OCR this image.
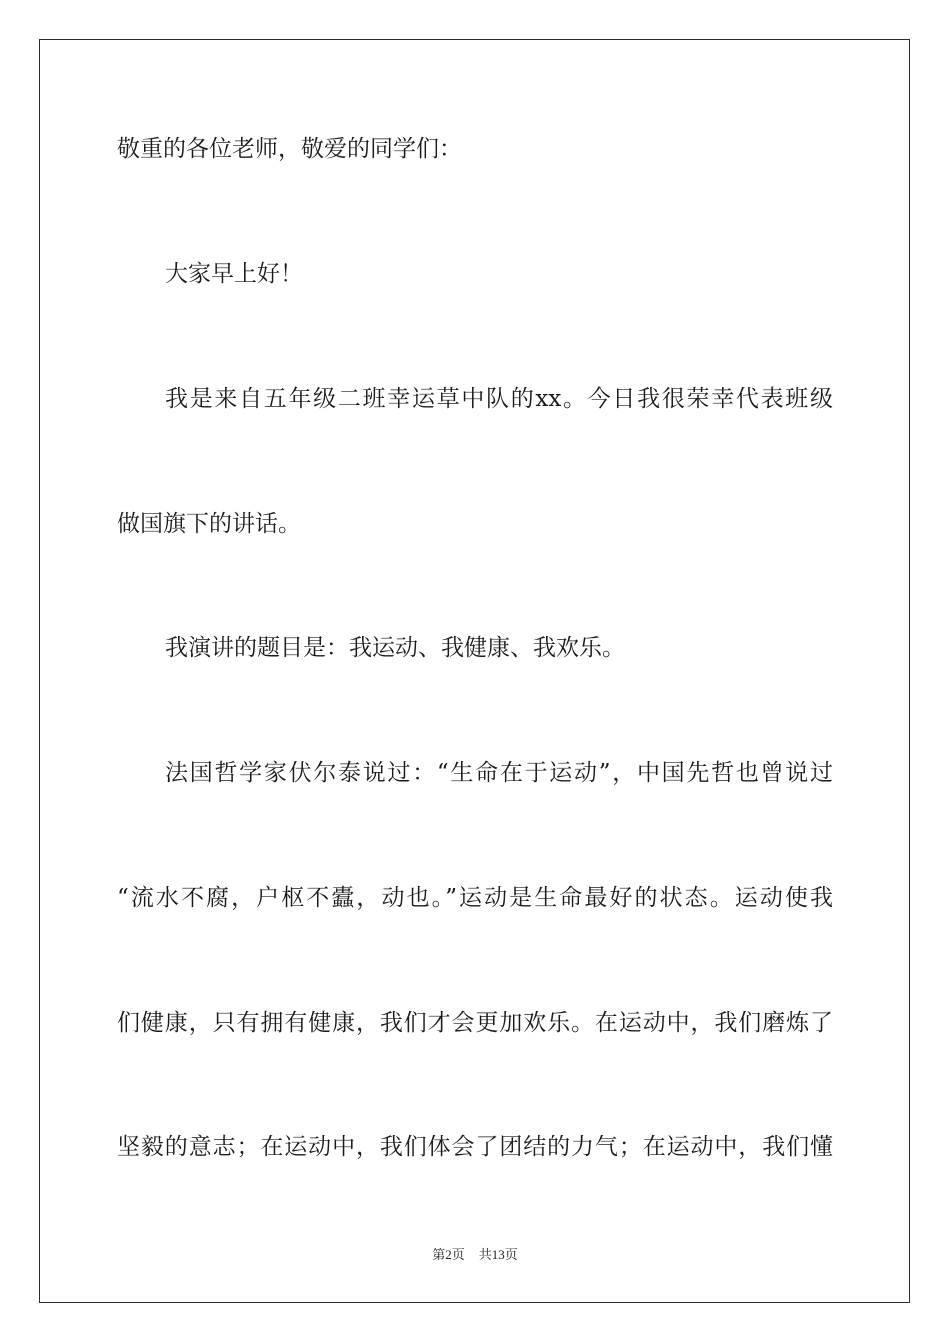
敬重的各位老师，敬爱的同学们：
大家早上好！
我是来自五年级二班幸运草中队的xx。今日我很荣幸代表班级
做国旗下的讲话。
我演讲的题目是：我运动、我健康、我欢乐。
法国哲学家伏尔泰说过：“生命在于运动”，中国先哲也曾说过
“流水不腐，户枢不蠹，动也。”运动是生命最好的状态。运动使我
们健康，只有拥有健康，我们才会更加欢乐。在运动中，我们磨炼了
坚毅的意志；在运动中，我们体会了团结的力气；在运动中，我们懂
第2页 共13页
